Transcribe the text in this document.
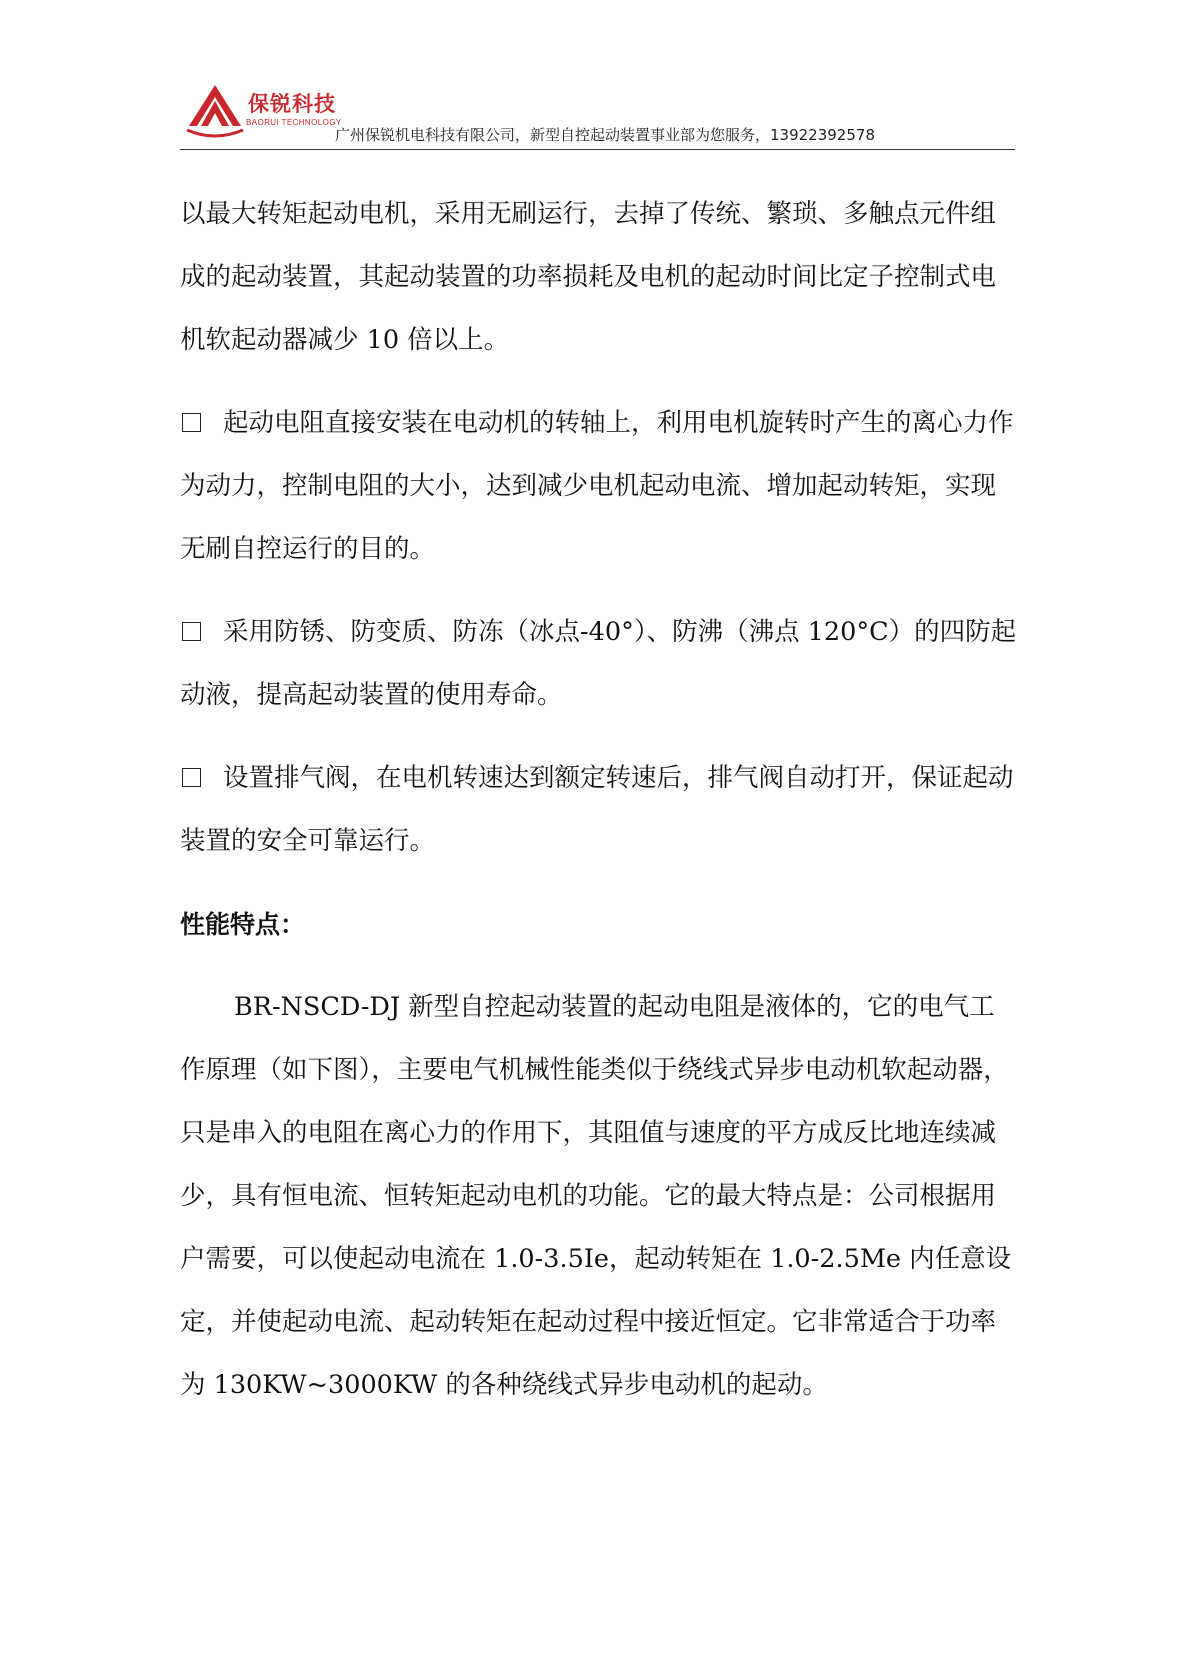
保锐科技
BAORUI TECHNOLOGY
广州保锐机电科技有限公司，新型自控起动装置事业部为您服务，13922392578

以最大转矩起动电机，采用无刷运行，去掉了传统、繁琐、多触点元件组成的起动装置，其起动装置的功率损耗及电机的起动时间比定子控制式电机软起动器减少 10 倍以上。

起动电阻直接安装在电动机的转轴上，利用电机旋转时产生的离心力作为动力，控制电阻的大小，达到减少电机起动电流、增加起动转矩，实现无刷自控运行的目的。

采用防锈、防变质、防冻（冰点-40°）、防沸（沸点 120°C）的四防起动液，提高起动装置的使用寿命。

设置排气阀，在电机转速达到额定转速后，排气阀自动打开，保证起动装置的安全可靠运行。

性能特点：

BR-NSCD-DJ 新型自控起动装置的起动电阻是液体的，它的电气工作原理（如下图），主要电气机械性能类似于绕线式异步电动机软起动器，只是串入的电阻在离心力的作用下，其阻值与速度的平方成反比地连续减少，具有恒电流、恒转矩起动电机的功能。它的最大特点是：公司根据用户需要，可以使起动电流在 1.0-3.5Ie，起动转矩在 1.0-2.5Me 内任意设定，并使起动电流、起动转矩在起动过程中接近恒定。它非常适合于功率为 130KW~3000KW 的各种绕线式异步电动机的起动。
